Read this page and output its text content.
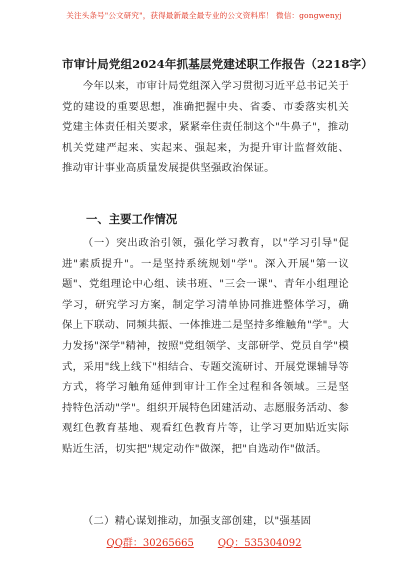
关注头条号"公文研究"，获得最新最全最专业的公文资料库！ 微信：gongwenyj
市审计局党组2024年抓基层党建述职工作报告（2218字）

今年以来，市审计局党组深入学习贯彻习近平总书记关于党的建设的重要思想，准确把握中央、省委、市委落实机关党建主体责任相关要求，紧紧牵住责任制这个"牛鼻子"，推动机关党建严起来、实起来、强起来，为提升审计监督效能、推动审计事业高质量发展提供坚强政治保证。

一、主要工作情况

（一）突出政治引领，强化学习教育，以"学习引导"促进"素质提升"。一是坚持系统规划"学"。深入开展"第一议题"、党组理论中心组、读书班、"三会一课"、青年小组理论学习，研究学习方案，制定学习清单协同推进整体学习，确保上下联动、同频共振、一体推进二是坚持多维触角"学"。大力发扬"深学"精神，按照"党组领学、支部研学、党员自学"模式，采用"线上线下"相结合、专题交流研讨、开展党课辅导等方式，将学习触角延伸到审计工作全过程和各领域。三是坚持特色活动"学"。组织开展特色团建活动、志愿服务活动、参观红色教育基地、观看红色教育片等，让学习更加贴近实际贴近生活，切实把"规定动作"做深，把"自选动作"做活。

（二）精心谋划推动，加强支部创建，以"强基固

QQ群：30265665 QQ：535304092
